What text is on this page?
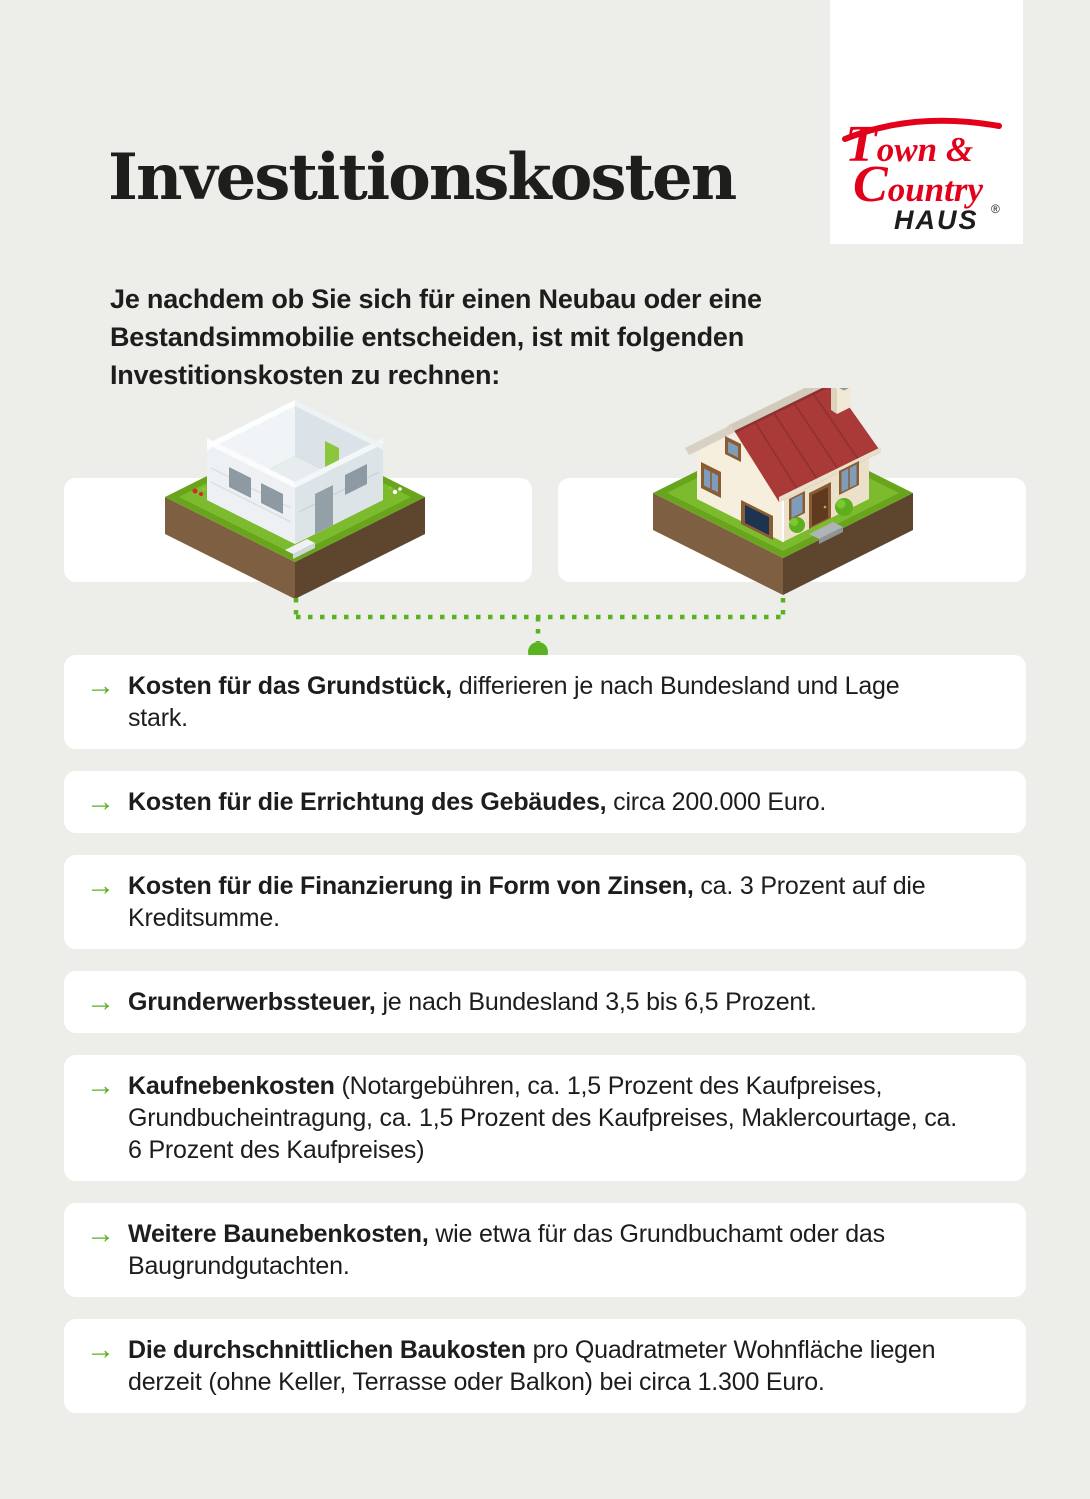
Town &
Country
HAUS ®
Investitionskosten
Je nachdem ob Sie sich für einen Neubau oder eine
Bestandsimmobilie entscheiden, ist mit folgenden
Investitionskosten zu rechnen:
→ Kosten für das Grundstück, differieren je nach Bundesland und Lage stark.

→ Kosten für die Errichtung des Gebäudes, circa 200.000 Euro.

→ Kosten für die Finanzierung in Form von Zinsen, ca. 3 Prozent auf die Kreditsumme.

→ Grunderwerbssteuer, je nach Bundesland 3,5 bis 6,5 Prozent.

→ Kaufnebenkosten (Notargebühren, ca. 1,5 Prozent des Kaufpreises, Grundbucheintragung, ca. 1,5 Prozent des Kaufpreises, Maklercourtage, ca. 6 Prozent des Kaufpreises)

→ Weitere Baunebenkosten, wie etwa für das Grundbuchamt oder das Baugrundgutachten.

→ Die durchschnittlichen Baukosten pro Quadratmeter Wohnfläche liegen derzeit (ohne Keller, Terrasse oder Balkon) bei circa 1.300 Euro.
